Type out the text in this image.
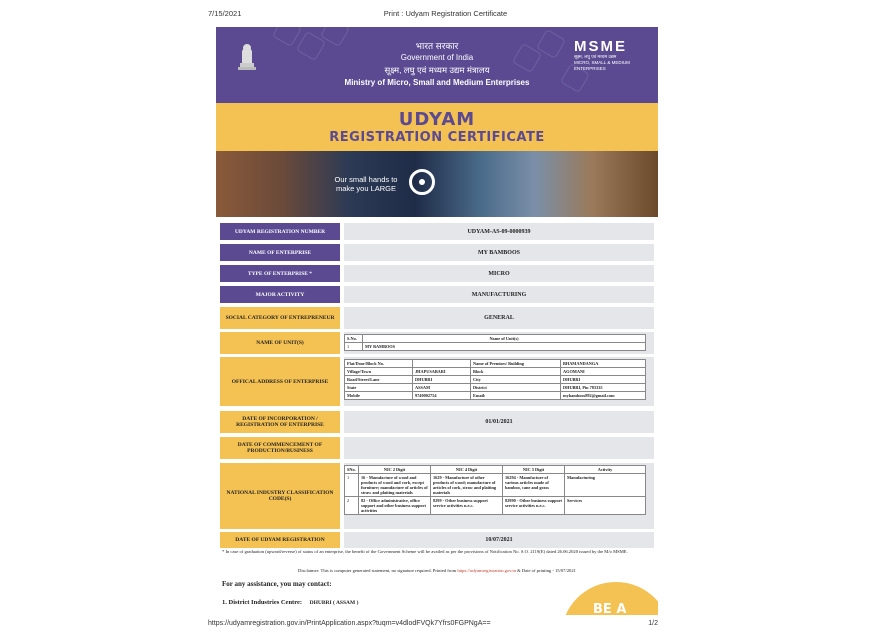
7/15/2021	Print : Udyam Registration Certificate
भारत सरकार
Government of India
सूक्ष्म, लघु एवं मध्यम उद्यम मंत्रालय
Ministry of Micro, Small and Medium Enterprises
MSME
सूक्ष्म, लघु एवं मध्यम उद्यम
MICRO, SMALL & MEDIUM ENTERPRISES
UDYAM
REGISTRATION CERTIFICATE
Our small hands to make you LARGE
UDYAM REGISTRATION NUMBER	UDYAM-AS-09-0000939
NAME OF ENTERPRISE	MY BAMBOOS
TYPE OF ENTERPRISE *	MICRO
MAJOR ACTIVITY	MANUFACTURING
SOCIAL CATEGORY OF ENTREPRENEUR	GENERAL
NAME OF UNIT(S)
S.No.	Name of Unit(s)
1	MY BAMBOOS
OFFICAL ADDRESS OF ENTERPRISE
Flat/Door/Block No.		Name of Premises/ Building	BHAMANDANGA
Village/Town	JHAPUSABARI	Block	AGOMANI
Road/Street/Lane	DHUBRI	City	DHUBRI
State	ASSAM	District	DHUBRI, Pin 783335
Mobile	9740002754	Email:	mybamboos892@gmail.com
DATE OF INCORPORATION / REGISTRATION OF ENTERPRISE	01/01/2021
DATE OF COMMENCEMENT OF PRODUCTION/BUSINESS
NATIONAL INDUSTRY CLASSIFICATION CODE(S)
SNo.	NIC 2 Digit	NIC 4 Digit	NIC 5 Digit	Activity
1	16 - Manufacture of wood and products of wood and cork, except furniture; manufacture of articles of straw and plaiting materials	1629 - Manufacture of other products of wood; manufacture of articles of cork, straw and plaiting materials	16294 - Manufacture of various articles made of bamboo, cane and grass	Manufacturing
2	82 - Office administrative, office support and other business support activities	8299 - Other business support service activities n.e.c.	82990 - Other business support service activities n.e.c.	Services
DATE OF UDYAM REGISTRATION	10/07/2021
* In case of graduation (upward/reverse) of status of an enterprise, the benefit of the Government Scheme will be availed as per the provisions of Notification No. S.O. 2119(E) dated 26.06.2020 issued by the M/o MSME.
Disclaimer: This is computer generated statement, no signature required. Printed from https://udyamregistration.gov.in & Date of printing - 15/07/2021
For any assistance, you may contact:
1. District Industries Centre: DHUBRI ( ASSAM )	BE A
https://udyamregistration.gov.in/PrintApplication.aspx?tuqm=v4dlodFVQk7Yfrs0FGPNgA==	1/2
